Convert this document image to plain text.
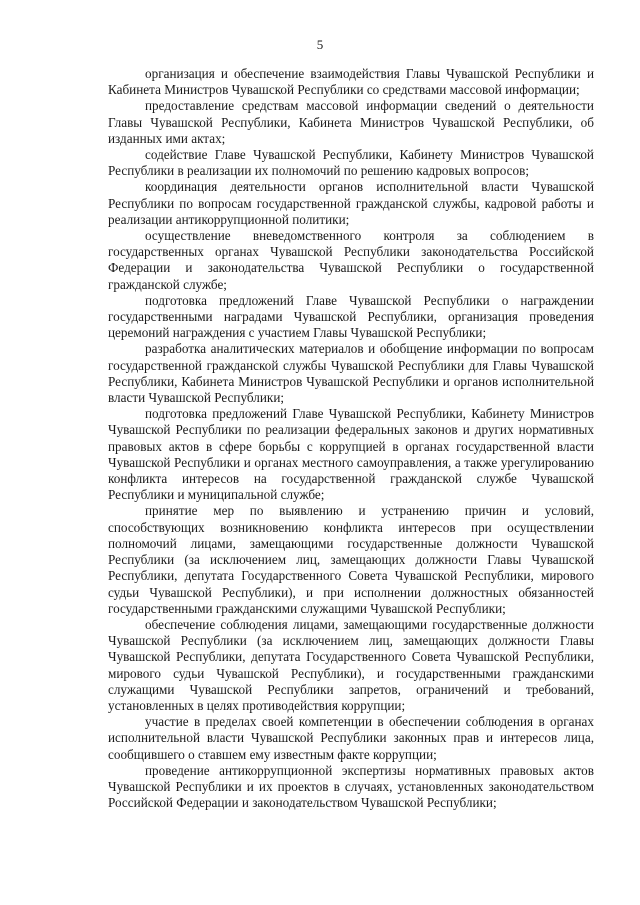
5

организация и обеспечение взаимодействия Главы Чувашской Республики и Кабинета Министров Чувашской Республики со средствами массовой информации;

предоставление средствам массовой информации сведений о деятельности Главы Чувашской Республики, Кабинета Министров Чувашской Республики, об изданных ими актах;

содействие Главе Чувашской Республики, Кабинету Министров Чувашской Республики в реализации их полномочий по решению кадровых вопросов;

координация деятельности органов исполнительной власти Чувашской Республики по вопросам государственной гражданской службы, кадровой работы и реализации антикоррупционной политики;

осуществление вневедомственного контроля за соблюдением в государственных органах Чувашской Республики законодательства Российской Федерации и законодательства Чувашской Республики о государственной гражданской службе;

подготовка предложений Главе Чувашской Республики о награждении государственными наградами Чувашской Республики, организация проведения церемоний награждения с участием Главы Чувашской Республики;

разработка аналитических материалов и обобщение информации по вопросам государственной гражданской службы Чувашской Республики для Главы Чувашской Республики, Кабинета Министров Чувашской Республики и органов исполнительной власти Чувашской Республики;

подготовка предложений Главе Чувашской Республики, Кабинету Министров Чувашской Республики по реализации федеральных законов и других нормативных правовых актов в сфере борьбы с коррупцией в органах государственной власти Чувашской Республики и органах местного самоуправления, а также урегулированию конфликта интересов на государственной гражданской службе Чувашской Республики и муниципальной службе;

принятие мер по выявлению и устранению причин и условий, способствующих возникновению конфликта интересов при осуществлении полномочий лицами, замещающими государственные должности Чувашской Республики (за исключением лиц, замещающих должности Главы Чувашской Республики, депутата Государственного Совета Чувашской Республики, мирового судьи Чувашской Республики), и при исполнении должностных обязанностей государственными гражданскими служащими Чувашской Республики;

обеспечение соблюдения лицами, замещающими государственные должности Чувашской Республики (за исключением лиц, замещающих должности Главы Чувашской Республики, депутата Государственного Совета Чувашской Республики, мирового судьи Чувашской Республики), и государственными гражданскими служащими Чувашской Республики запретов, ограничений и требований, установленных в целях противодействия коррупции;

участие в пределах своей компетенции в обеспечении соблюдения в органах исполнительной власти Чувашской Республики законных прав и интересов лица, сообщившего о ставшем ему известным факте коррупции;

проведение антикоррупционной экспертизы нормативных правовых актов Чувашской Республики и их проектов в случаях, установленных законодательством Российской Федерации и законодательством Чувашской Республики;
